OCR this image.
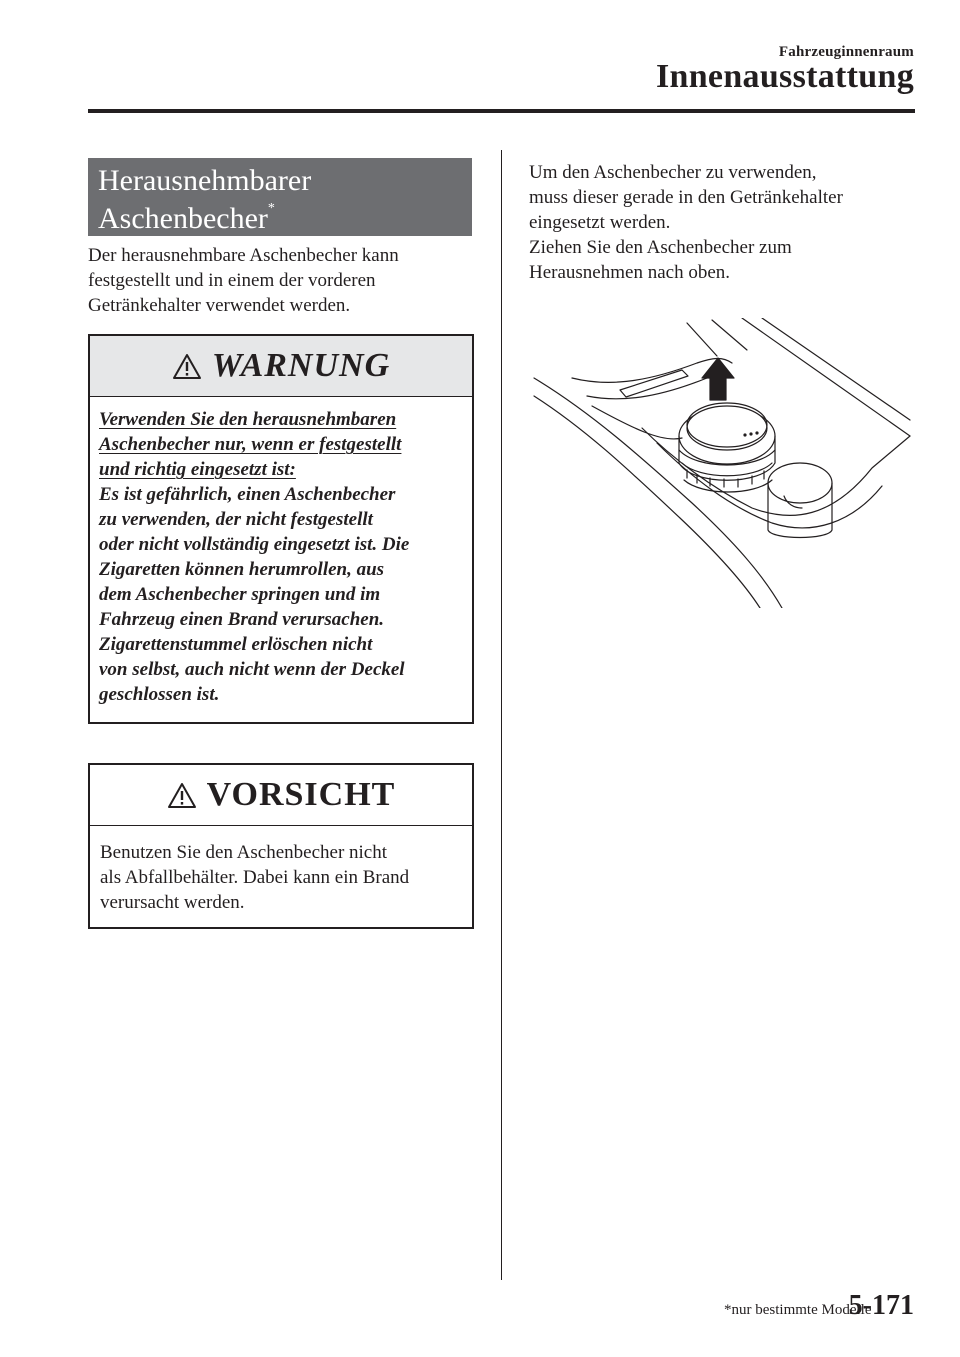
Fahrzeuginnenraum
Innenausstattung
Herausnehmbarer
Aschenbecher*
Der herausnehmbare Aschenbecher kann
festgestellt und in einem der vorderen
Getränkehalter verwendet werden.
WARNUNG
Verwenden Sie den herausnehmbaren
Aschenbecher nur, wenn er festgestellt
und richtig eingesetzt ist:
Es ist gefährlich, einen Aschenbecher
zu verwenden, der nicht festgestellt
oder nicht vollständig eingesetzt ist. Die
Zigaretten können herumrollen, aus
dem Aschenbecher springen und im
Fahrzeug einen Brand verursachen.
Zigarettenstummel erlöschen nicht
von selbst, auch nicht wenn der Deckel
geschlossen ist.
VORSICHT
Benutzen Sie den Aschenbecher nicht
als Abfallbehälter. Dabei kann ein Brand
verursacht werden.
Um den Aschenbecher zu verwenden,
muss dieser gerade in den Getränkehalter
eingesetzt werden.
Ziehen Sie den Aschenbecher zum
Herausnehmen nach oben.
*nur bestimmte Modelle
5-171
